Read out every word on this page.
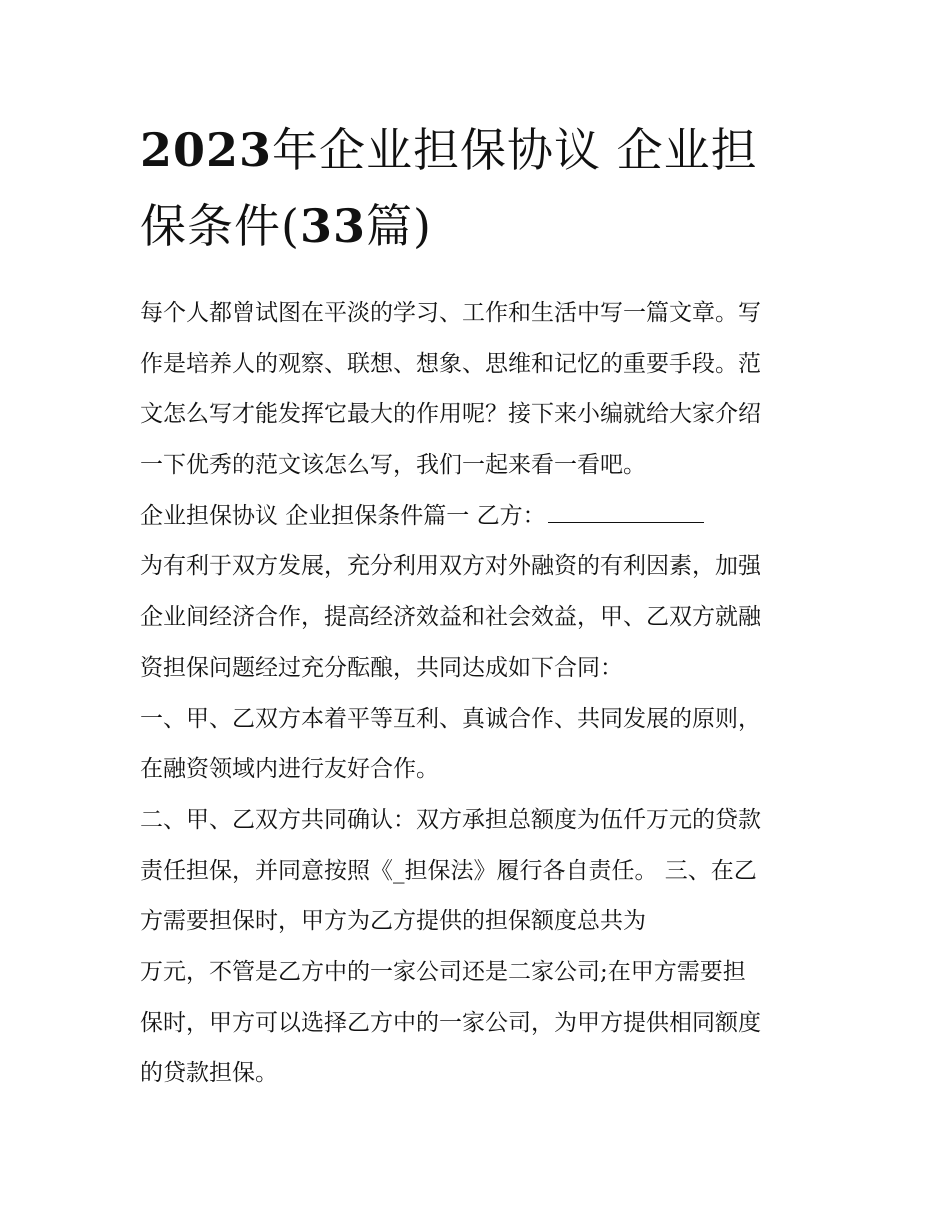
2023年企业担保协议 企业担
保条件(33篇)
每个人都曾试图在平淡的学习、工作和生活中写一篇文章。写
作是培养人的观察、联想、想象、思维和记忆的重要手段。范
文怎么写才能发挥它最大的作用呢？接下来小编就给大家介绍
一下优秀的范文该怎么写，我们一起来看一看吧。
企业担保协议 企业担保条件篇一 乙方：
为有利于双方发展，充分利用双方对外融资的有利因素，加强
企业间经济合作，提高经济效益和社会效益，甲、乙双方就融
资担保问题经过充分酝酿，共同达成如下合同：
一、甲、乙双方本着平等互利、真诚合作、共同发展的原则，
在融资领域内进行友好合作。
二、甲、乙双方共同确认：双方承担总额度为伍仟万元的贷款
责任担保，并同意按照《_担保法》履行各自责任。 三、在乙
方需要担保时，甲方为乙方提供的担保额度总共为
万元，不管是乙方中的一家公司还是二家公司;在甲方需要担
保时，甲方可以选择乙方中的一家公司，为甲方提供相同额度
的贷款担保。
